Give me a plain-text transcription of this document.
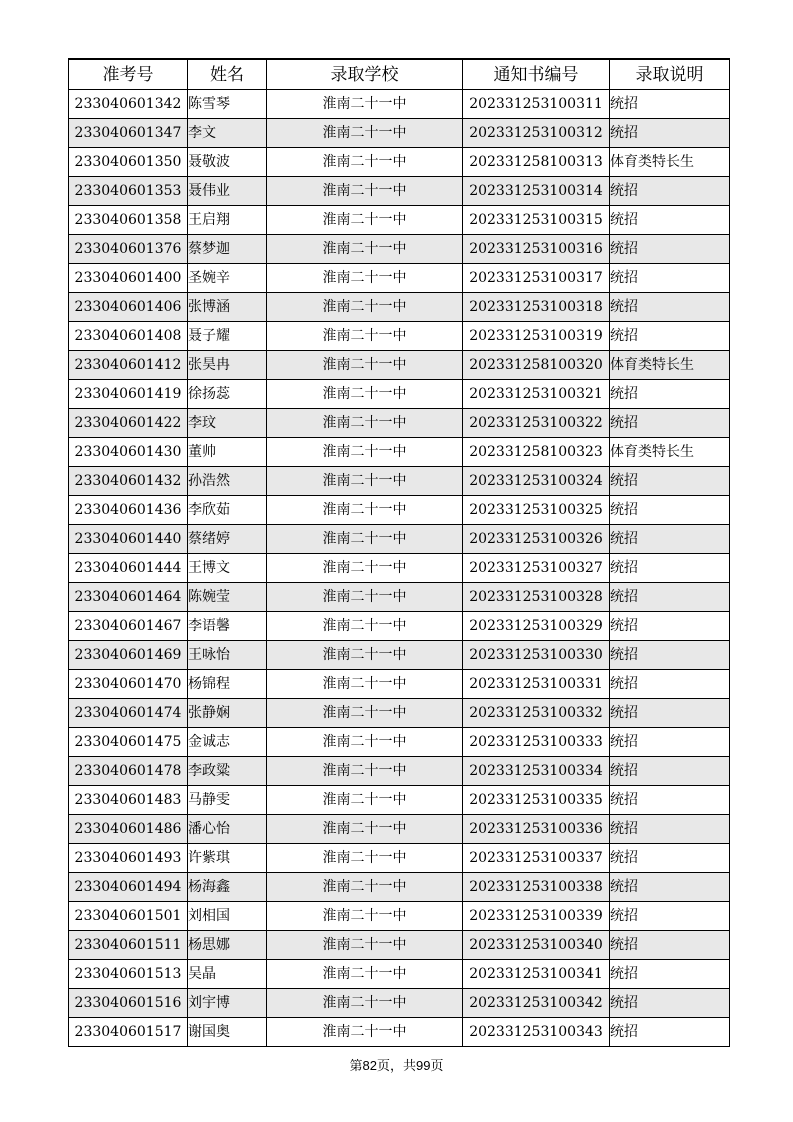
准考号	姓名	录取学校	通知书编号	录取说明
233040601342	陈雪琴	淮南二十一中	202331253100311	统招
233040601347	李文	淮南二十一中	202331253100312	统招
233040601350	聂敬波	淮南二十一中	202331258100313	体育类特长生
233040601353	聂伟业	淮南二十一中	202331253100314	统招
233040601358	王启翔	淮南二十一中	202331253100315	统招
233040601376	蔡梦迦	淮南二十一中	202331253100316	统招
233040601400	圣婉辛	淮南二十一中	202331253100317	统招
233040601406	张博涵	淮南二十一中	202331253100318	统招
233040601408	聂子耀	淮南二十一中	202331253100319	统招
233040601412	张昊冉	淮南二十一中	202331258100320	体育类特长生
233040601419	徐扬蕊	淮南二十一中	202331253100321	统招
233040601422	李玟	淮南二十一中	202331253100322	统招
233040601430	董帅	淮南二十一中	202331258100323	体育类特长生
233040601432	孙浩然	淮南二十一中	202331253100324	统招
233040601436	李欣茹	淮南二十一中	202331253100325	统招
233040601440	蔡绪婷	淮南二十一中	202331253100326	统招
233040601444	王博文	淮南二十一中	202331253100327	统招
233040601464	陈婉莹	淮南二十一中	202331253100328	统招
233040601467	李语馨	淮南二十一中	202331253100329	统招
233040601469	王咏怡	淮南二十一中	202331253100330	统招
233040601470	杨锦程	淮南二十一中	202331253100331	统招
233040601474	张静娴	淮南二十一中	202331253100332	统招
233040601475	金诚志	淮南二十一中	202331253100333	统招
233040601478	李政粱	淮南二十一中	202331253100334	统招
233040601483	马静雯	淮南二十一中	202331253100335	统招
233040601486	潘心怡	淮南二十一中	202331253100336	统招
233040601493	许紫琪	淮南二十一中	202331253100337	统招
233040601494	杨海鑫	淮南二十一中	202331253100338	统招
233040601501	刘相国	淮南二十一中	202331253100339	统招
233040601511	杨思娜	淮南二十一中	202331253100340	统招
233040601513	吴晶	淮南二十一中	202331253100341	统招
233040601516	刘宇博	淮南二十一中	202331253100342	统招
233040601517	谢国奥	淮南二十一中	202331253100343	统招
第82页，共99页
